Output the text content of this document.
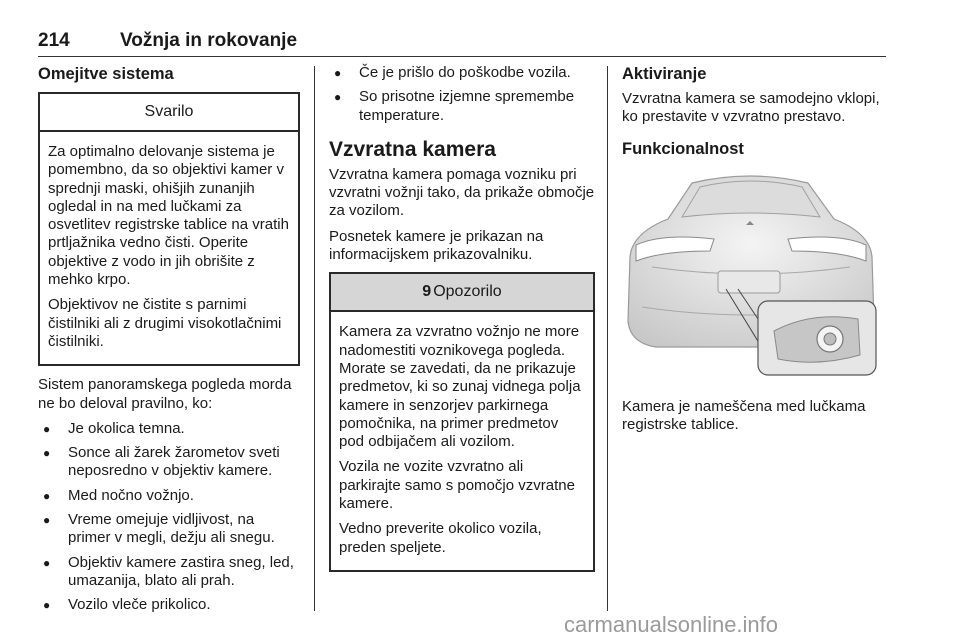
214	Vožnja in rokovanje
Omejitve sistema
Svarilo

Za optimalno delovanje sistema je pomembno, da so objektivi kamer v sprednji maski, ohišjih zunanjih ogledal in na med lučkami za osvetlitev registrske tablice na vratih prtljažnika vedno čisti. Operite objektive z vodo in jih obrišite z mehko krpo.

Objektivov ne čistite s parnimi čistilniki ali z drugimi visokotlačnimi čistilniki.

Sistem panoramskega pogleda morda ne bo deloval pravilno, ko:

● Je okolica temna.
● Sonce ali žarek žarometov sveti neposredno v objektiv kamere.
● Med nočno vožnjo.
● Vreme omejuje vidljivost, na primer v megli, dežju ali snegu.
● Objektiv kamere zastira sneg, led, umazanija, blato ali prah.
● Vozilo vleče prikolico.
● Če je prišlo do poškodbe vozila.
● So prisotne izjemne spremembe temperature.
Vzvratna kamera

Vzvratna kamera pomaga vozniku pri vzvratni vožnji tako, da prikaže območje za vozilom.

Posnetek kamere je prikazan na informacijskem prikazovalniku.

9 Opozorilo

Kamera za vzvratno vožnjo ne more nadomestiti voznikovega pogleda. Morate se zavedati, da ne prikazuje predmetov, ki so zunaj vidnega polja kamere in senzorjev parkirnega pomočnika, na primer predmetov pod odbijačem ali vozilom.

Vozila ne vozite vzvratno ali parkirajte samo s pomočjo vzvratne kamere.

Vedno preverite okolico vozila, preden speljete.

Aktiviranje

Vzvratna kamera se samodejno vklopi, ko prestavite v vzvratno prestavo.

Funkcionalnost

Kamera je nameščena med lučkama registrske tablice.

carmanualsonline.info
